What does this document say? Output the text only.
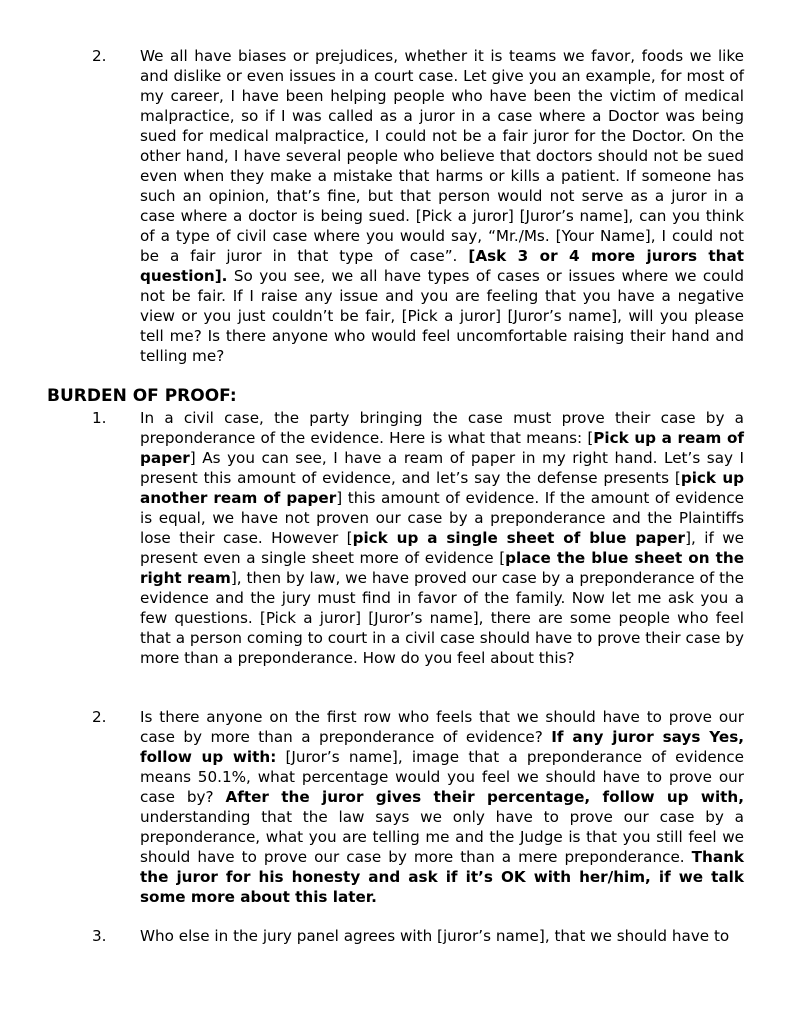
2. We all have biases or prejudices, whether it is teams we favor, foods we like and dislike or even issues in a court case. Let give you an example, for most of my career, I have been helping people who have been the victim of medical malpractice, so if I was called as a juror in a case where a Doctor was being sued for medical malpractice, I could not be a fair juror for the Doctor. On the other hand, I have several people who believe that doctors should not be sued even when they make a mistake that harms or kills a patient. If someone has such an opinion, that’s fine, but that person would not serve as a juror in a case where a doctor is being sued. [Pick a juror] [Juror’s name], can you think of a type of civil case where you would say, “Mr./Ms. [Your Name], I could not be a fair juror in that type of case”. [Ask 3 or 4 more jurors that question]. So you see, we all have types of cases or issues where we could not be fair. If I raise any issue and you are feeling that you have a negative view or you just couldn’t be fair, [Pick a juror] [Juror’s name], will you please tell me? Is there anyone who would feel uncomfortable raising their hand and telling me?
BURDEN OF PROOF:
1. In a civil case, the party bringing the case must prove their case by a preponderance of the evidence. Here is what that means: [Pick up a ream of paper] As you can see, I have a ream of paper in my right hand. Let’s say I present this amount of evidence, and let’s say the defense presents [pick up another ream of paper] this amount of evidence. If the amount of evidence is equal, we have not proven our case by a preponderance and the Plaintiffs lose their case. However [pick up a single sheet of blue paper], if we present even a single sheet more of evidence [place the blue sheet on the right ream], then by law, we have proved our case by a preponderance of the evidence and the jury must find in favor of the family. Now let me ask you a few questions. [Pick a juror] [Juror’s name], there are some people who feel that a person coming to court in a civil case should have to prove their case by more than a preponderance. How do you feel about this?
2. Is there anyone on the first row who feels that we should have to prove our case by more than a preponderance of evidence? If any juror says Yes, follow up with: [Juror’s name], image that a preponderance of evidence means 50.1%, what percentage would you feel we should have to prove our case by? After the juror gives their percentage, follow up with, understanding that the law says we only have to prove our case by a preponderance, what you are telling me and the Judge is that you still feel we should have to prove our case by more than a mere preponderance. Thank the juror for his honesty and ask if it’s OK with her/him, if we talk some more about this later.
3. Who else in the jury panel agrees with [juror’s name], that we should have to
